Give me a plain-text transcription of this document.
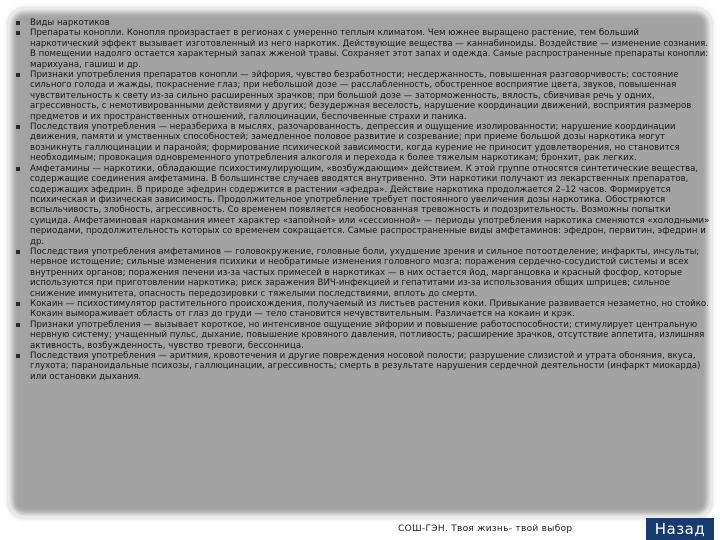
Виды наркотиков
Препараты конопли. Конопля произрастает в регионах с умеренно теплым климатом. Чем южнее выращено растение, тем больший наркотический эффект вызывает изготовленный из него наркотик. Действующие вещества — каннабиноиды. Воздействие — изменение сознания. В помещении надолго остается характерный запах жженой травы. Сохраняет этот запах и одежда. Самые распространенные препараты конопли: марихуана, гашиш и др.
Признаки употребления препаратов конопли — эйфория, чувство безработности; несдержанность, повышенная разговорчивость; состояние сильного голода и жажды, покраснение глаз; при небольшой дозе — расслабленность, обостренное восприятие цвета, звуков, повышенная чувствительность к свету из-за сильно расширенных зрачков; при большой дозе — заторможенность, вялость, сбивчивая речь у одних, агрессивность, с немотивированными действиями у других; безудержная веселость, нарушение координации движений, восприятия размеров предметов и их пространственных отношений, галлюцинации, беспочвенные страхи и паника.
Последствия употребления — неразбериха в мыслях, разочарованность, депрессия и ощущение изолированности; нарушение координации движения, памяти и умственных способностей; замедленное половое развитие и созревание; при приеме большой дозы наркотика могут возникнуть галлюцинации и паранойя; формирование психической зависимости, когда курение не приносит удовлетворения, но становится необходимым; провокация одновременного употребления алкоголя и перехода к более тяжелым наркотикам; бронхит, рак легких.
Амфетамины — наркотики, обладающие психостимулирующим, «возбуждающим» действием. К этой группе относятся синтетические вещества, содержащие соединения амфетамина. В большинстве случаев вводятся внутривенно. Эти наркотики получают из лекарственных препаратов, содержащих эфедрин. В природе эфедрин содержится в растении «эфедра». Действие наркотика продолжается 2–12 часов. Формируется психическая и физическая зависимость. Продолжительное употребление требует постоянного увеличения дозы наркотика. Обостряются вспыльчивость, злобность, агрессивность. Со временем появляется необоснованная тревожность и подозрительность. Возможны попытки суицида. Амфетаминовая наркомания имеет характер «запойной» или «сессионной» — периоды употребления наркотика сменяются «холодными» периодами, продолжительность которых со временем сокращается. Самые распространенные виды амфетаминов: эфедрон, первитин, эфедрин и др.
Последствия употребления амфетаминов — головокружение, головные боли, ухудшение зрения и сильное потоотделение; инфаркты, инсульты; нервное истощение; сильные изменения психики и необратимые изменения головного мозга; поражения сердечно-сосудистой системы и всех внутренних органов; поражения печени из-за частых примесей в наркотиках — в них остается йод, марганцовка и красный фосфор, которые используются при приготовлении наркотика; риск заражения ВИЧ-инфекцией и гепатитами из-за использования общих шприцев; сильное снижение иммунитета, опасность передозировки с тяжелыми последствиями, вплоть до смерти.
Кокаин — психостимулятор растительного происхождения, получаемый из листьев растения коки. Привыкание развивается незаметно, но стойко. Кокаин вымораживает область от глаз до груди — тело становится нечувствительным. Различается на кокаин и крэк.
Признаки употребления — вызывает короткое, но интенсивное ощущение эйфории и повышение работоспособности; стимулирует центральную нервную систему; учащенный пульс, дыхание, повышение кровяного давления, потливость; расширение зрачков, отсутствие аппетита, излишняя активность, возбужденность, чувство тревоги, бессонница.
Последствия употребления — аритмия, кровотечения и другие повреждения носовой полости; разрушение слизистой и утрата обоняния, вкуса, глухота; параноидальные психозы, галлюцинации, агрессивность; смерть в результате нарушения сердечной деятельности (инфаркт миокарда) или остановки дыхания.
СОШ-ГЭН. Твоя жизнь- твой выбор	Назад
